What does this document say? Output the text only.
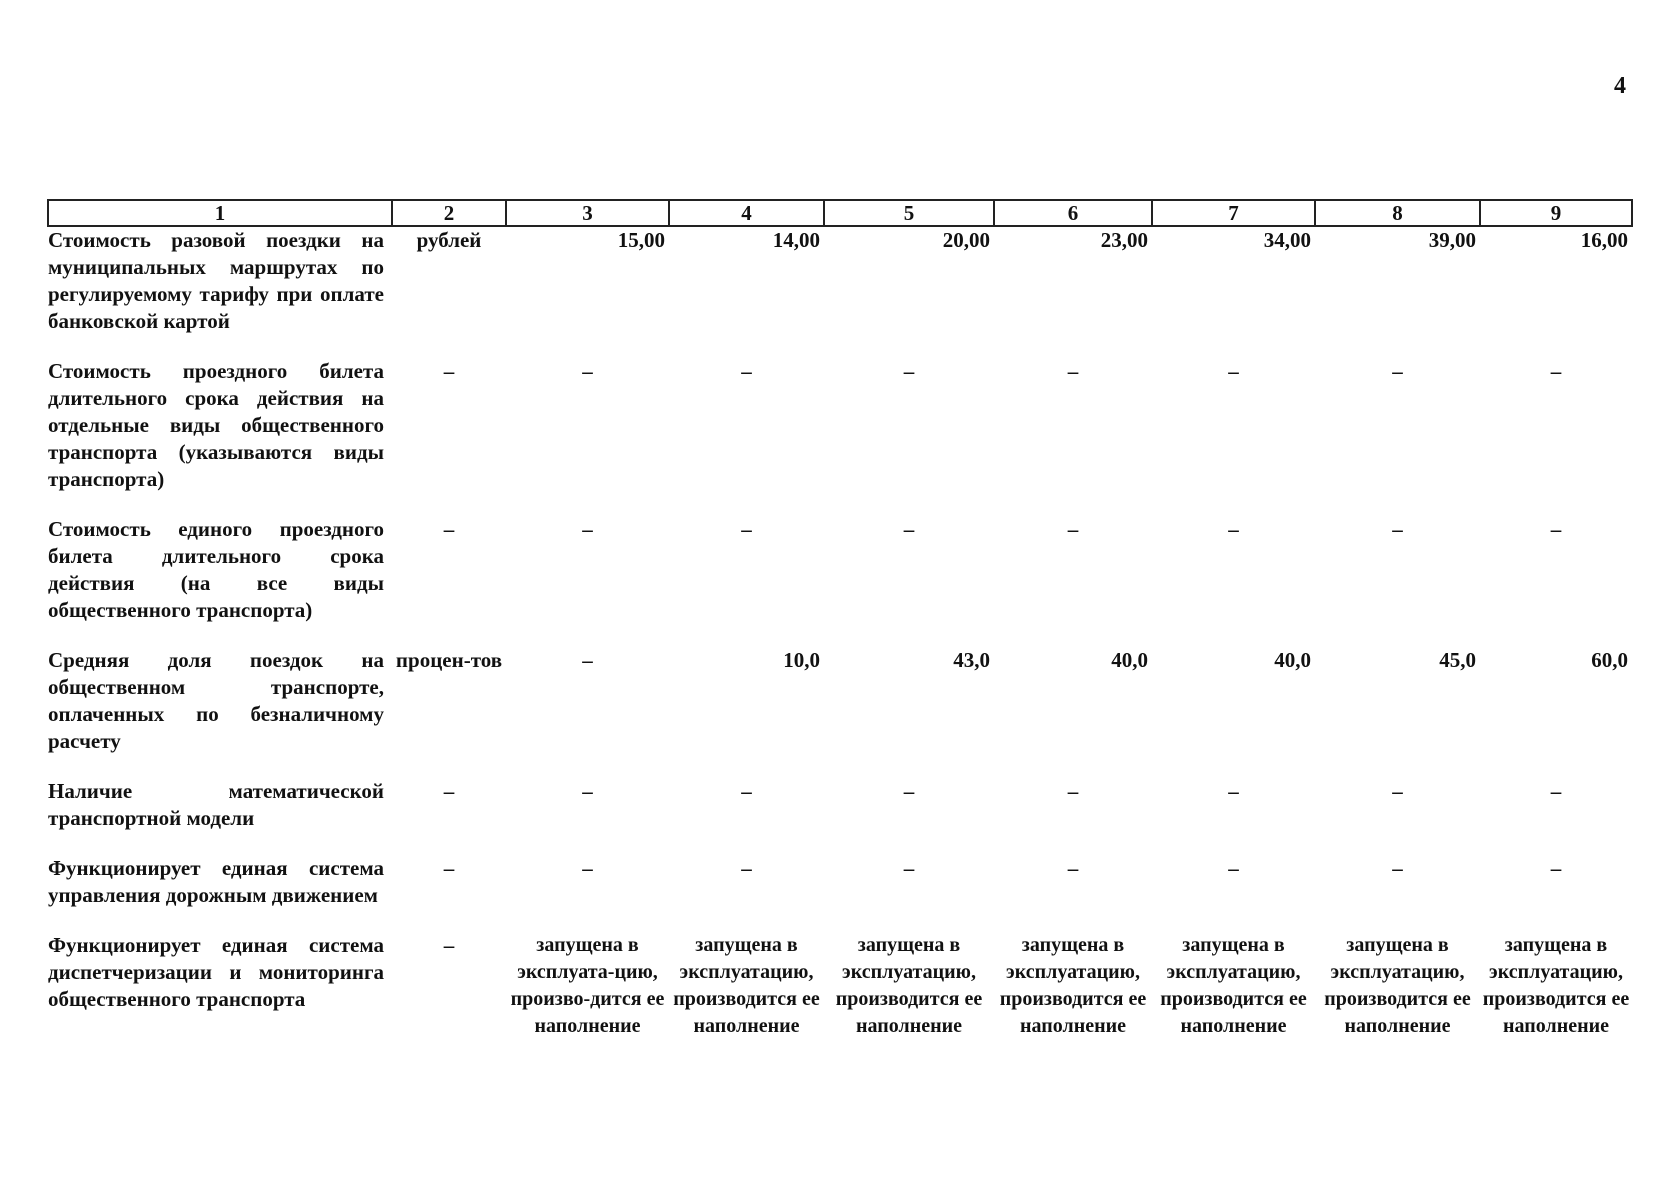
4
1	2	3	4	5	6	7	8	9
Стоимость разовой поездки на муниципальных маршрутах по регулируемому тарифу при оплате банковской картой	рублей	15,00	14,00	20,00	23,00	34,00	39,00	16,00

Стоимость проездного билета длительного срока действия на отдельные виды общественного транспорта (указываются виды транспорта)	–	–	–	–	–	–	–	–

Стоимость единого проездного билета длительного срока действия (на все виды общественного транспорта)	–	–	–	–	–	–	–	–

Средняя доля поездок на общественном транспорте, оплаченных по безналичному расчету	процен-тов	–	10,0	43,0	40,0	40,0	45,0	60,0

Наличие математической транспортной модели	–	–	–	–	–	–	–	–

Функционирует единая система управления дорожным движением	–	–	–	–	–	–	–	–

Функционирует единая система диспетчеризации и мониторинга общественного транспорта	–	запущена в эксплуата-цию, произво-дится ее наполнение	запущена в эксплуатацию, производится ее наполнение	запущена в эксплуатацию, производится ее наполнение	запущена в эксплуатацию, производится ее наполнение	запущена в эксплуатацию, производится ее наполнение	запущена в эксплуатацию, производится ее наполнение	запущена в эксплуатацию, производится ее наполнение
